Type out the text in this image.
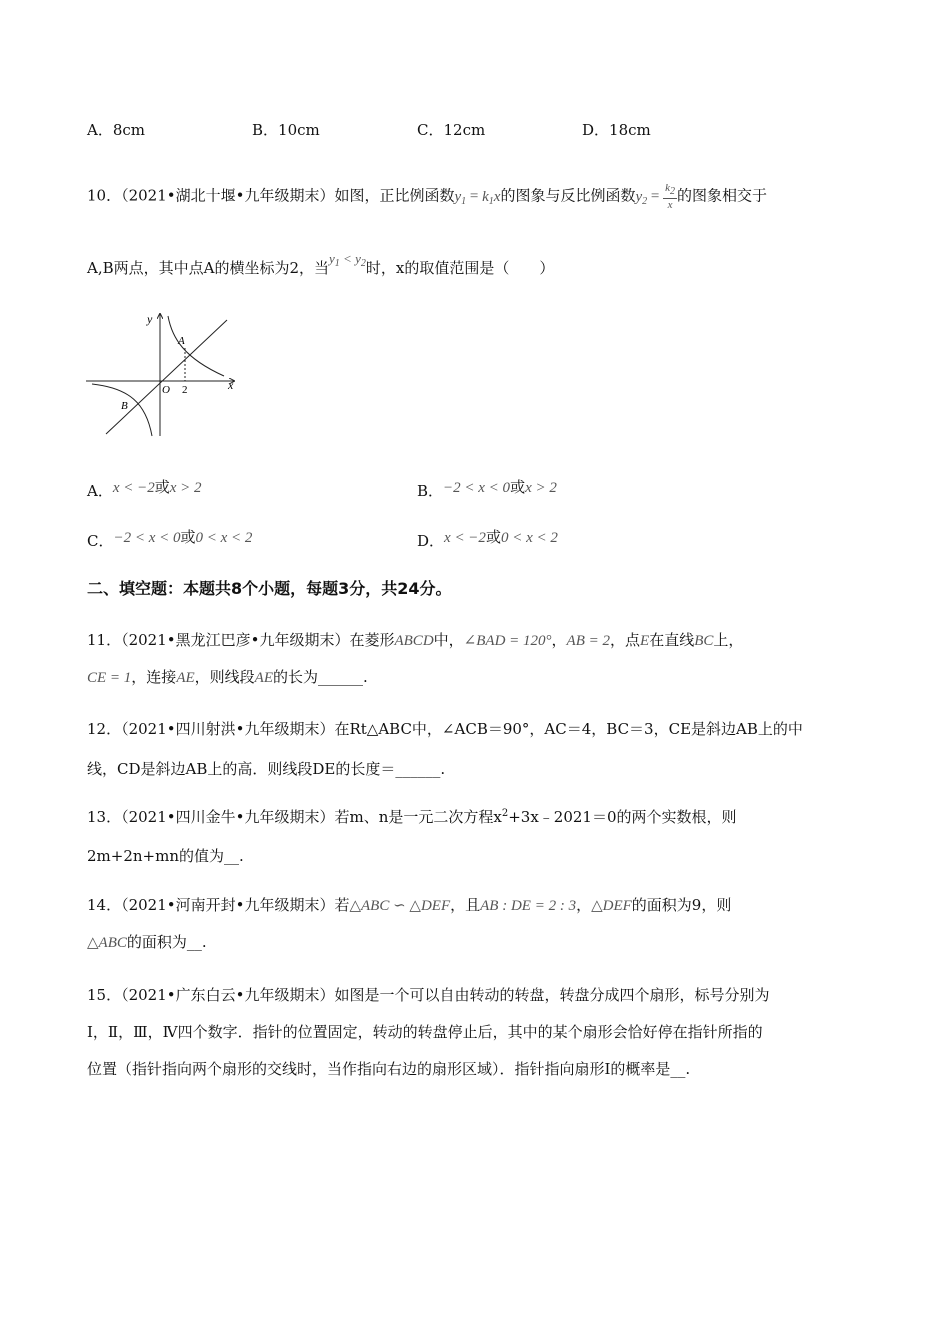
A．8cm	B．10cm	C．12cm	D．18cm
10．（2021•湖北十堰•九年级期末）如图，正比例函数$y_1 = k_1x$的图象与反比例函数$y_2 = \frac{k2}{x}$ 的图象相交于
A,B两点，其中点A的横坐标为2，当$y_1 < y_2$时，x的取值范围是（　　）
y
x
A
B
O 2
A．x < −2或x > 2	B．−2 < x < 0或x > 2
C．−2 < x < 0或0 < x < 2	D．x < −2或0 < x < 2
二、填空题：本题共8个小题，每题3分，共24分。
11．（2021•黑龙江巴彦•九年级期末）在菱形ABCD中，∠BAD = 120°，AB = 2，点E在直线BC上，
CE = 1，连接AE，则线段AE的长为______.
12．（2021•四川射洪•九年级期末）在Rt△ABC中，∠ACB＝90°，AC＝4，BC＝3，CE是斜边AB上的中
线，CD是斜边AB上的高．则线段DE的长度＝______.
13．（2021•四川金牛•九年级期末）若m、n是一元二次方程$x^2+3x﹣2021=0$的两个实数根，则
2m+2n+mn的值为__.
14．（2021•河南开封•九年级期末）若△ABC ∽ △DEF，且AB : DE = 2 : 3，△DEF的面积为9，则
△ABC的面积为__.
15．（2021•广东白云•九年级期末）如图是一个可以自由转动的转盘，转盘分成四个扇形，标号分别为
Ⅰ，Ⅱ，Ⅲ，Ⅳ四个数字．指针的位置固定，转动的转盘停止后，其中的某个扇形会恰好停在指针所指的
位置（指针指向两个扇形的交线时，当作指向右边的扇形区域）．指针指向扇形Ⅰ的概率是__.
